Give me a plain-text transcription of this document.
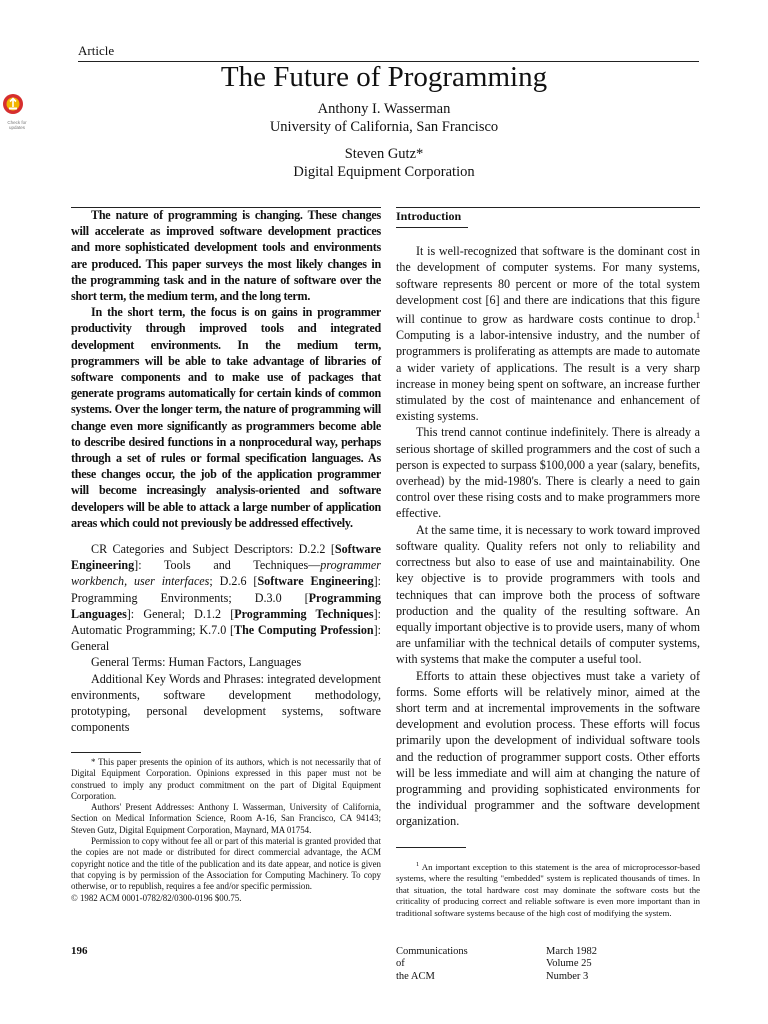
Article
The Future of Programming
Check for
updates
Anthony I. Wasserman
University of California, San Francisco
Steven Gutz*
Digital Equipment Corporation

The nature of programming is changing. These changes will accelerate as improved software development practices and more sophisticated development tools and environments are produced. This paper surveys the most likely changes in the programming task and in the nature of software over the short term, the medium term, and the long term.

In the short term, the focus is on gains in programmer productivity through improved tools and integrated development environments. In the medium term, programmers will be able to take advantage of libraries of software components and to make use of packages that generate programs automatically for certain kinds of common systems. Over the longer term, the nature of programming will change even more significantly as programmers become able to describe desired functions in a nonprocedural way, perhaps through a set of rules or formal specification languages. As these changes occur, the job of the application programmer will become increasingly analysis-oriented and software developers will be able to attack a large number of application areas which could not previously be addressed effectively.

CR Categories and Subject Descriptors: D.2.2 [Software Engineering]: Tools and Techniques—programmer workbench, user interfaces; D.2.6 [Software Engineering]: Programming Environments; D.3.0 [Programming Languages]: General; D.1.2 [Programming Techniques]: Automatic Programming; K.7.0 [The Computing Profession]: General

General Terms: Human Factors, Languages

Additional Key Words and Phrases: integrated development environments, software development methodology, prototyping, personal development systems, software components

* This paper presents the opinion of its authors, which is not necessarily that of Digital Equipment Corporation. Opinions expressed in this paper must not be construed to imply any product commitment on the part of Digital Equipment Corporation.

Authors' Present Addresses: Anthony I. Wasserman, University of California, Section on Medical Information Science, Room A-16, San Francisco, CA 94143; Steven Gutz, Digital Equipment Corporation, Maynard, MA 01754.

Permission to copy without fee all or part of this material is granted provided that the copies are not made or distributed for direct commercial advantage, the ACM copyright notice and the title of the publication and its date appear, and notice is given that copying is by permission of the Association for Computing Machinery. To copy otherwise, or to republish, requires a fee and/or specific permission.

© 1982 ACM 0001-0782/82/0300-0196 $00.75.

Introduction

It is well-recognized that software is the dominant cost in the development of computer systems. For many systems, software represents 80 percent or more of the total system development cost [6] and there are indications that this figure will continue to grow as hardware costs continue to drop.$^1$ Computing is a labor-intensive industry, and the number of programmers is proliferating as attempts are made to automate a wider variety of applications. The result is a very sharp increase in money being spent on software, an increase further stimulated by the cost of maintenance and enhancement of existing systems.

This trend cannot continue indefinitely. There is already a serious shortage of skilled programmers and the cost of such a person is expected to surpass $100,000 a year (salary, benefits, overhead) by the mid-1980's. There is clearly a need to gain control over these rising costs and to make programmers more effective.

At the same time, it is necessary to work toward improved software quality. Quality refers not only to reliability and correctness but also to ease of use and maintainability. One key objective is to provide programmers with tools and techniques that can improve both the process of software production and the quality of the resulting software. An equally important objective is to provide users, many of whom are unfamiliar with the technical details of computer systems, with systems that make the computer a useful tool.

Efforts to attain these objectives must take a variety of forms. Some efforts will be relatively minor, aimed at the short term and at incremental improvements in the software development and evolution process. These efforts will focus primarily upon the development of individual software tools and the reduction of programmer support costs. Other efforts will be less immediate and will aim at changing the nature of programming and providing sophisticated environments for the individual programmer and the software development organization.

$^1$ An important exception to this statement is the area of microprocessor-based systems, where the resulting "embedded" system is replicated thousands of times. In that situation, the total hardware cost may dominate the software costs but the criticality of producing correct and reliable software is even more important than in traditional software systems because of the high cost of modifying the system.

196	Communications
of
the ACM
March 1982
Volume 25
Number 3
